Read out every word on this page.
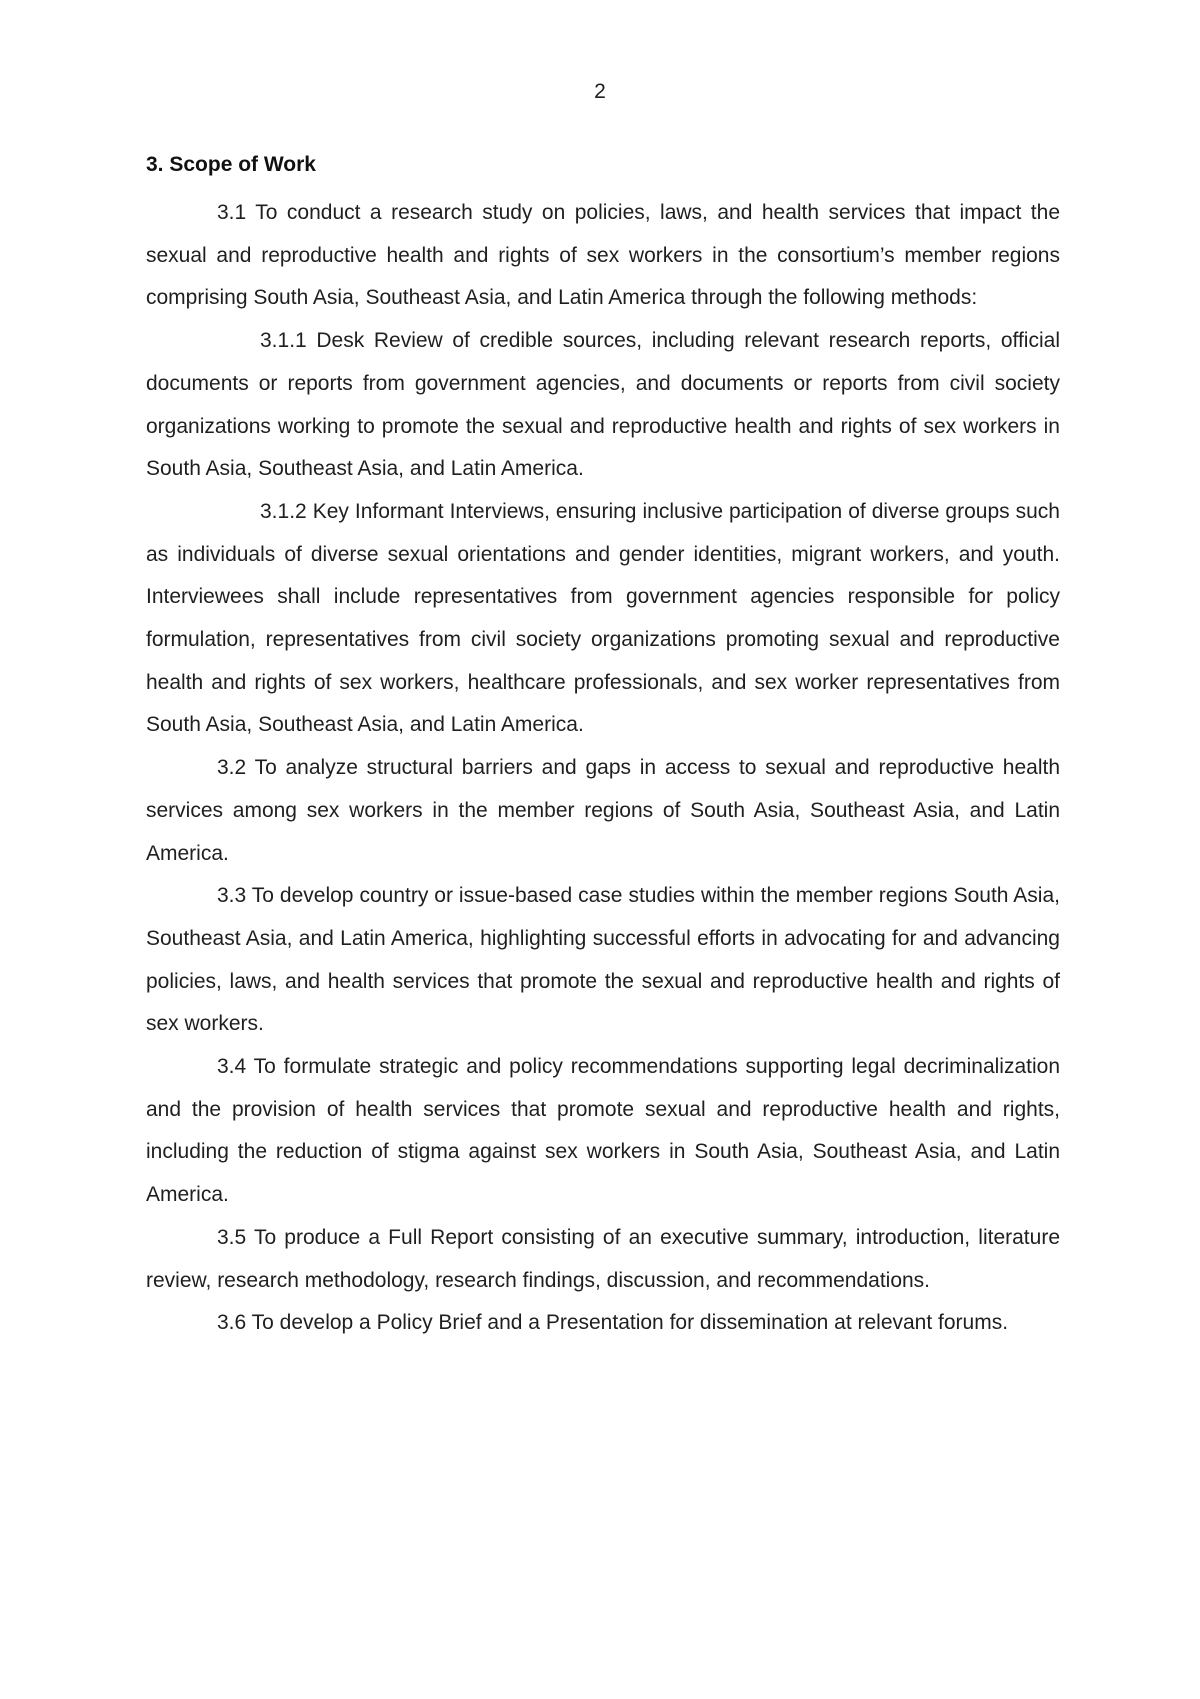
2
3. Scope of Work

3.1 To conduct a research study on policies, laws, and health services that impact the sexual and reproductive health and rights of sex workers in the consortium’s member regions comprising South Asia, Southeast Asia, and Latin America through the following methods:

3.1.1 Desk Review of credible sources, including relevant research reports, official documents or reports from government agencies, and documents or reports from civil society organizations working to promote the sexual and reproductive health and rights of sex workers in South Asia, Southeast Asia, and Latin America.

3.1.2 Key Informant Interviews, ensuring inclusive participation of diverse groups such as individuals of diverse sexual orientations and gender identities, migrant workers, and youth. Interviewees shall include representatives from government agencies responsible for policy formulation, representatives from civil society organizations promoting sexual and reproductive health and rights of sex workers, healthcare professionals, and sex worker representatives from South Asia, Southeast Asia, and Latin America.

3.2 To analyze structural barriers and gaps in access to sexual and reproductive health services among sex workers in the member regions of South Asia, Southeast Asia, and Latin America.

3.3 To develop country or issue-based case studies within the member regions South Asia, Southeast Asia, and Latin America, highlighting successful efforts in advocating for and advancing policies, laws, and health services that promote the sexual and reproductive health and rights of sex workers.

3.4 To formulate strategic and policy recommendations supporting legal decriminalization and the provision of health services that promote sexual and reproductive health and rights, including the reduction of stigma against sex workers in South Asia, Southeast Asia, and Latin America.

3.5 To produce a Full Report consisting of an executive summary, introduction, literature review, research methodology, research findings, discussion, and recommendations.

3.6 To develop a Policy Brief and a Presentation for dissemination at relevant forums.
